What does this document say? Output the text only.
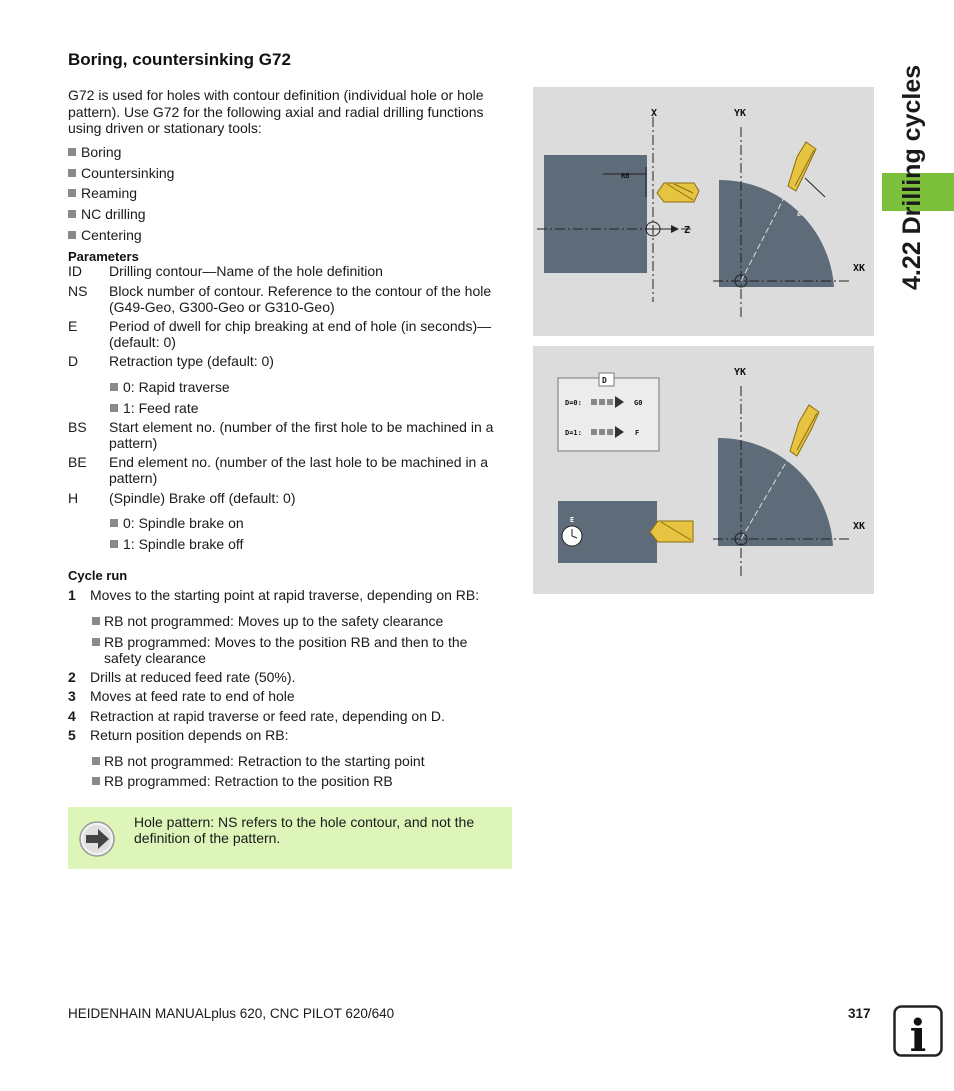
Boring, countersinking G72

G72 is used for holes with contour definition (individual hole or hole pattern). Use G72 for the following axial and radial drilling functions using driven or stationary tools:

Boring
Countersinking
Reaming
NC drilling
Centering
Parameters
ID Drilling contour—Name of the hole definition
NS Block number of contour. Reference to the contour of the hole (G49-Geo, G300-Geo or G310-Geo)
E Period of dwell for chip breaking at end of hole (in seconds)—(default: 0)
D Retraction type (default: 0)
0: Rapid traverse
1: Feed rate
BS Start element no. (number of the first hole to be machined in a pattern)
BE End element no. (number of the last hole to be machined in a pattern)
H (Spindle) Brake off (default: 0)
0: Spindle brake on
1: Spindle brake off
Cycle run
1 Moves to the starting point at rapid traverse, depending on RB:
RB not programmed: Moves up to the safety clearance
RB programmed: Moves to the position RB and then to the safety clearance
2 Drills at reduced feed rate (50%).
3 Moves at feed rate to end of hole
4 Retraction at rapid traverse or feed rate, depending on D.
5 Return position depends on RB:
RB not programmed: Retraction to the starting point
RB programmed: Retraction to the position RB
Hole pattern: NS refers to the hole contour, and not the definition of the pattern.
4.22 Drilling cycles
X	YK
RB
Z
øRB
XK
D
D=0:	G0
D=1:	F
E
YK
XK
HEIDENHAIN MANUALplus 620, CNC PILOT 620/640	317 i
